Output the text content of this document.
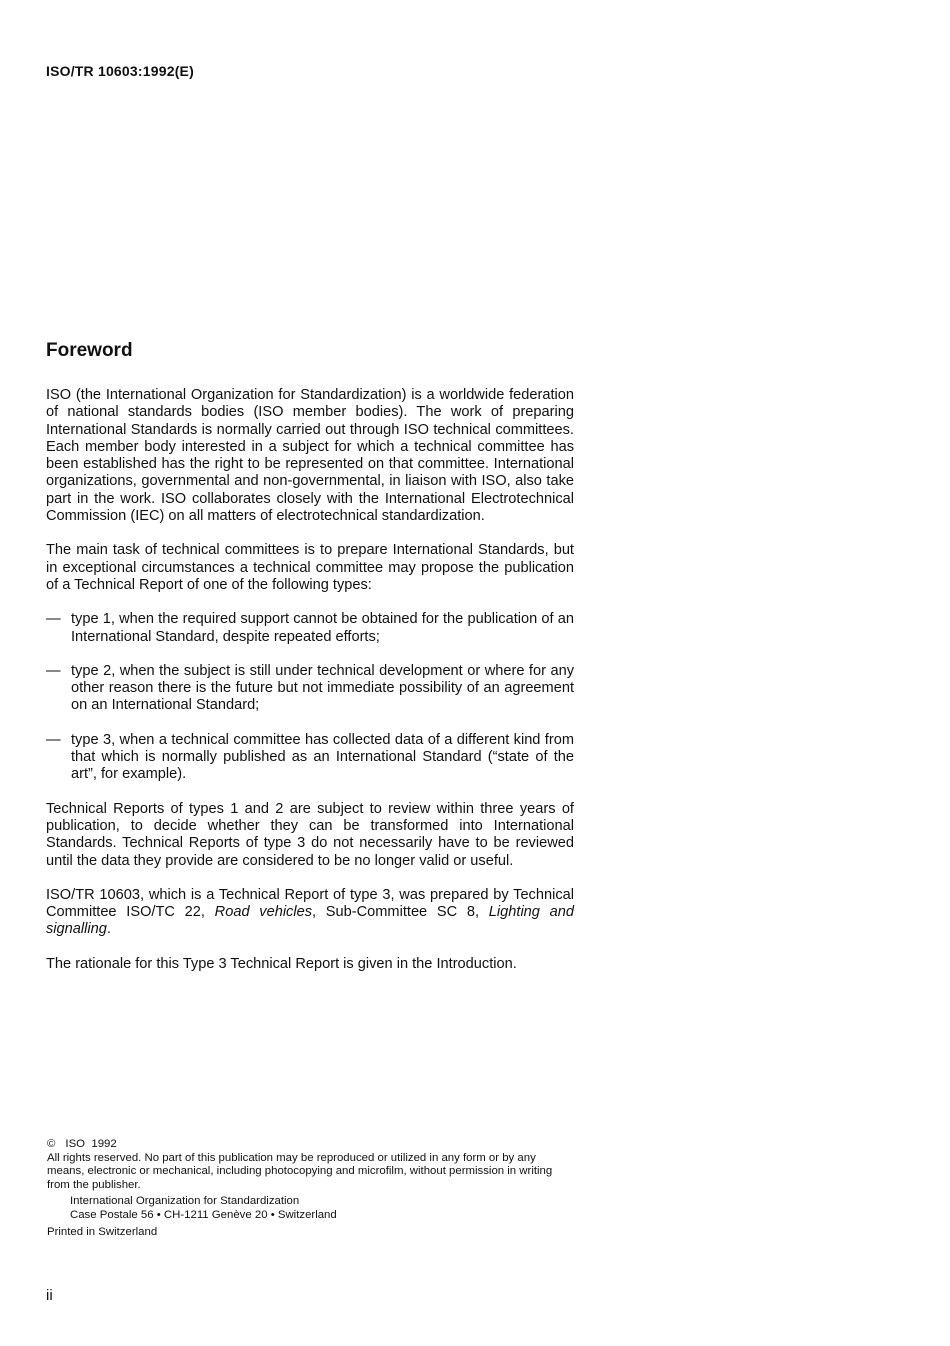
ISO/TR 10603:1992(E)
Foreword

ISO (the International Organization for Standardization) is a worldwide federation of national standards bodies (ISO member bodies). The work of preparing International Standards is normally carried out through ISO technical committees. Each member body interested in a subject for which a technical committee has been established has the right to be represented on that committee. International organizations, governmental and non-governmental, in liaison with ISO, also take part in the work. ISO collaborates closely with the International Electrotechnical Commission (IEC) on all matters of electrotechnical standardization.

The main task of technical committees is to prepare International Standards, but in exceptional circumstances a technical committee may propose the publication of a Technical Report of one of the following types:

— type 1, when the required support cannot be obtained for the publication of an International Standard, despite repeated efforts;
— type 2, when the subject is still under technical development or where for any other reason there is the future but not immediate possibility of an agreement on an International Standard;
— type 3, when a technical committee has collected data of a different kind from that which is normally published as an International Standard (“state of the art”, for example).

Technical Reports of types 1 and 2 are subject to review within three years of publication, to decide whether they can be transformed into International Standards. Technical Reports of type 3 do not necessarily have to be reviewed until the data they provide are considered to be no longer valid or useful.

ISO/TR 10603, which is a Technical Report of type 3, was prepared by Technical Committee ISO/TC 22, Road vehicles, Sub-Committee SC 8, Lighting and signalling.

The rationale for this Type 3 Technical Report is given in the Introduction.

© ISO  1992
All rights reserved. No part of this publication may be reproduced or utilized in any form or by any means, electronic or mechanical, including photocopying and microfilm, without permission in writing from the publisher.
International Organization for Standardization
Case Postale 56 • CH-1211 Genève 20 • Switzerland
Printed in Switzerland
ii
